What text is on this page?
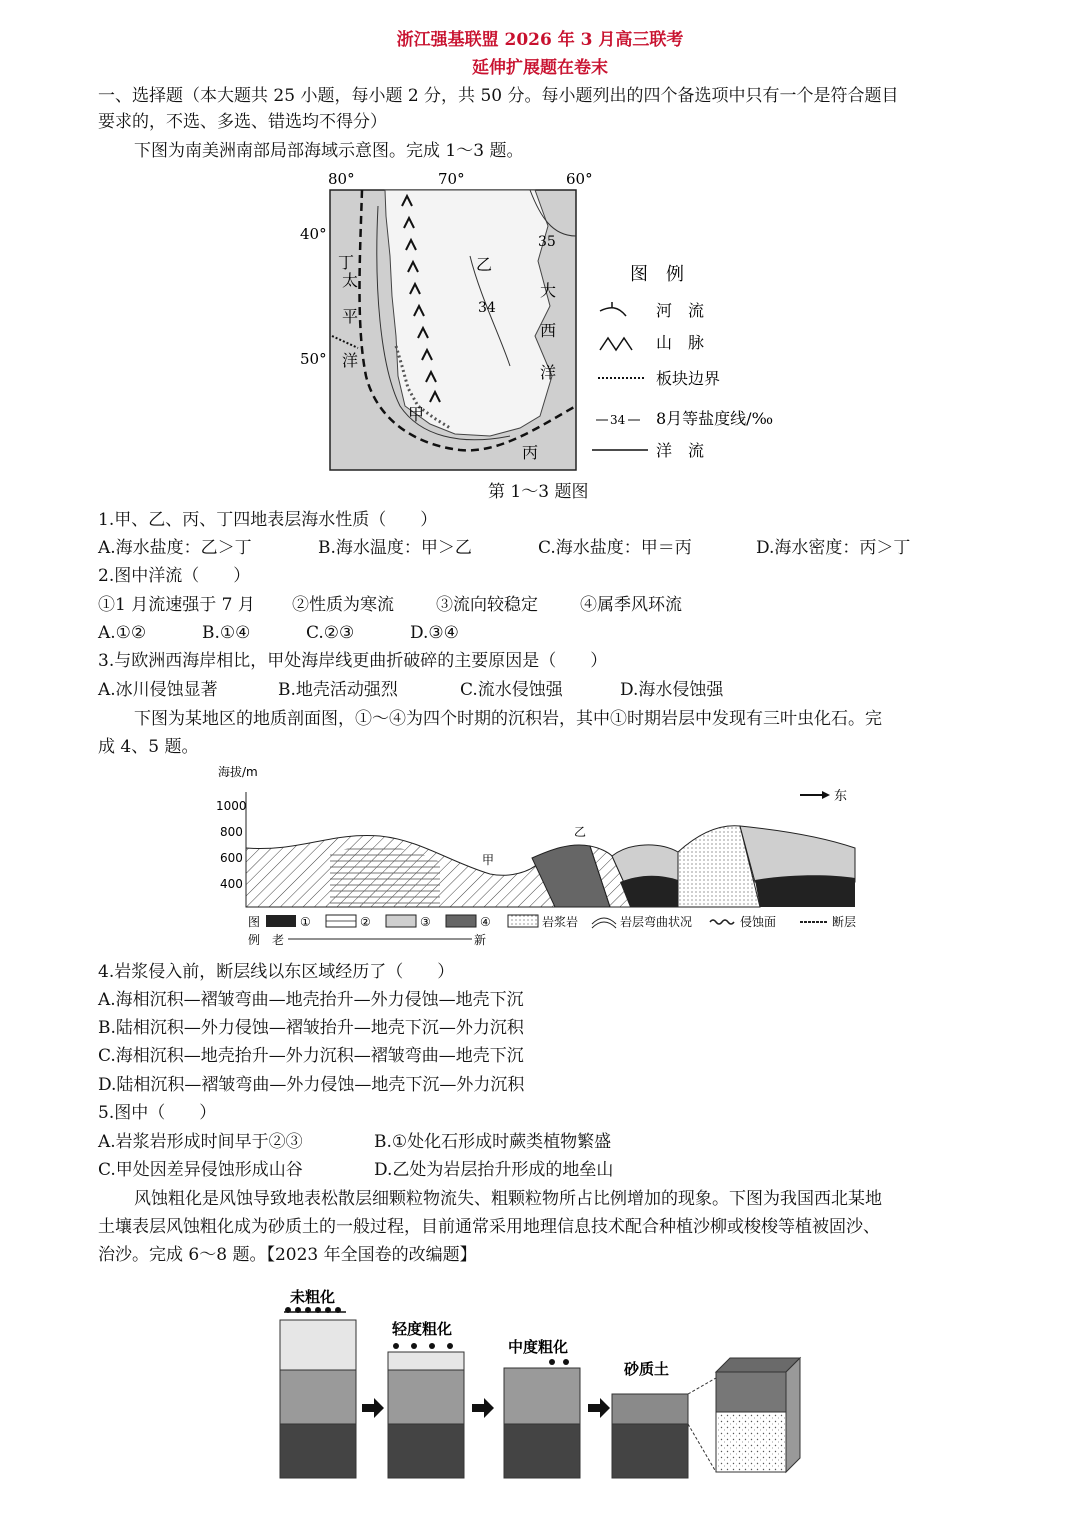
浙江强基联盟 2026 年 3 月高三联考
延伸扩展题在卷末
一、选择题（本大题共 25 小题，每小题 2 分，共 50 分。每小题列出的四个备选项中只有一个是符合题目
要求的，不选、多选、错选均不得分）
下图为南美洲南部局部海域示意图。完成 1～3 题。
80°	70°	60°
40°
50°
丁	乙
甲
丙
太
平
洋
大
西
洋
35
34
图　例
河　流
山　脉
板块边界
34 8月等盐度线/‰
洋　流
第 1～3 题图
1.甲、乙、丙、丁四地表层海水性质（　　）
A.海水盐度：乙＞丁	B.海水温度：甲＞乙	C.海水盐度：甲＝丙	D.海水密度：丙＞丁
2.图中洋流（　　）
①1 月流速强于 7 月 ②性质为寒流 ③流向较稳定 ④属季风环流
A.①②	B.①④	C.②③	D.③④
3.与欧洲西海岸相比，甲处海岸线更曲折破碎的主要原因是（　　）
A.冰川侵蚀显著	B.地壳活动强烈	C.流水侵蚀强	D.海水侵蚀强
下图为某地区的地质剖面图，①～④为四个时期的沉积岩，其中①时期岩层中发现有三叶虫化石。完
成 4、5 题。
海拔/m
1000
800
600
400
东
甲
乙
图
例
①	②	③	④	岩浆岩	岩层弯曲状况	侵蚀面	断层
老	新
4.岩浆侵入前，断层线以东区域经历了（　　）
A.海相沉积—褶皱弯曲—地壳抬升—外力侵蚀—地壳下沉
B.陆相沉积—外力侵蚀—褶皱抬升—地壳下沉—外力沉积
C.海相沉积—地壳抬升—外力沉积—褶皱弯曲—地壳下沉
D.陆相沉积—褶皱弯曲—外力侵蚀—地壳下沉—外力沉积
5.图中（　　）
A.岩浆岩形成时间早于②③	B.①处化石形成时蕨类植物繁盛
C.甲处因差异侵蚀形成山谷	D.乙处为岩层抬升形成的地垒山
风蚀粗化是风蚀导致地表松散层细颗粒物流失、粗颗粒物所占比例增加的现象。下图为我国西北某地
土壤表层风蚀粗化成为砂质土的一般过程，目前通常采用地理信息技术配合种植沙柳或梭梭等植被固沙、
治沙。完成 6～8 题。【2023 年全国卷的改编题】
未粗化
轻度粗化
中度粗化
砂质土
